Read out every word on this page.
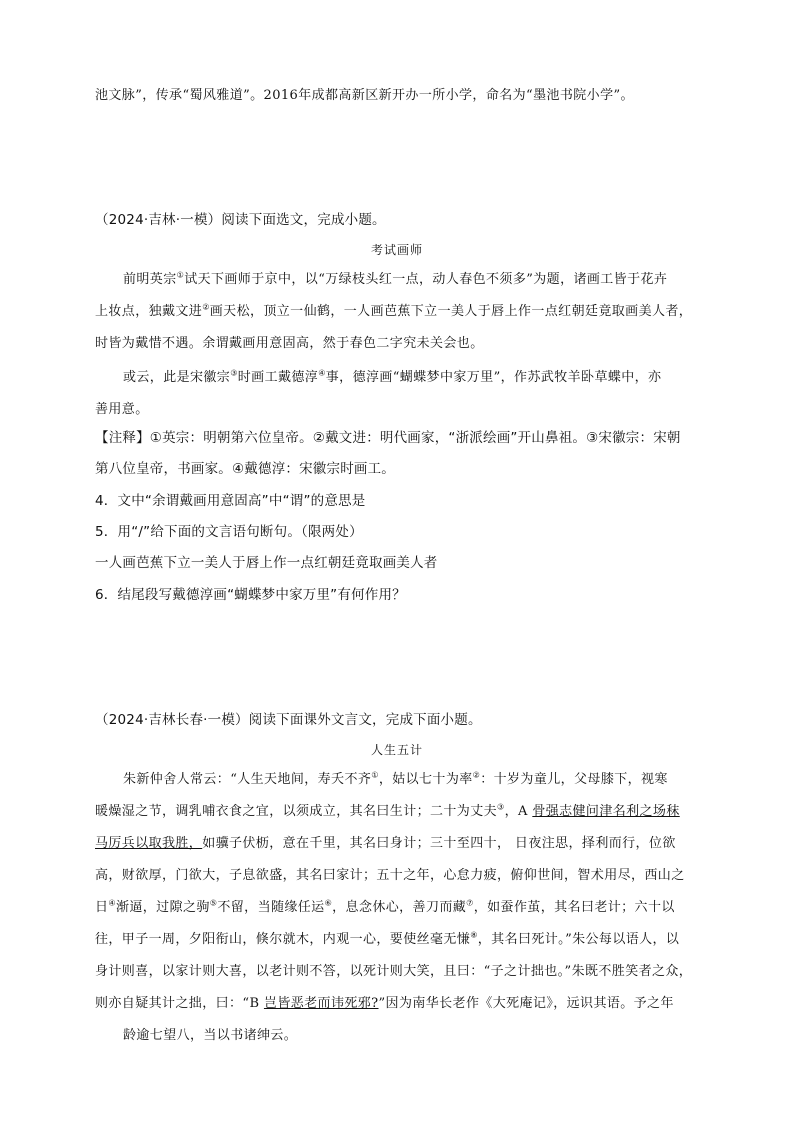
池文脉”，传承“蜀风雅道”。2016年成都高新区新开办一所小学，命名为“墨池书院小学”。
（2024·吉林·一模）阅读下面选文，完成小题。
考试画师
前明英宗①试天下画师于京中，以“万绿枝头红一点，动人春色不须多”为题，诸画工皆于花卉
上妆点，独戴文进②画天松，顶立一仙鹤，一人画芭蕉下立一美人于唇上作一点红朝廷竟取画美人者，
时皆为戴惜不遇。余谓戴画用意固高，然于春色二字究未关会也。
或云，此是宋徽宗③时画工戴德淳④事，德淳画“蝴蝶梦中家万里”，作苏武牧羊卧草蝶中，亦
善用意。
【注释】①英宗：明朝第六位皇帝。②戴文进：明代画家，“浙派绘画”开山鼻祖。③宋徽宗：宋朝
第八位皇帝，书画家。④戴德淳：宋徽宗时画工。
4．文中“余谓戴画用意固高”中“谓”的意思是
5．用“/”给下面的文言语句断句。（限两处）
一人画芭蕉下立一美人于唇上作一点红朝廷竟取画美人者
6．结尾段写戴德淳画“蝴蝶梦中家万里”有何作用？
（2024·吉林长春·一模）阅读下面课外文言文，完成下面小题。
人生五计
朱新仲舍人常云：“人生天地间，寿夭不齐①，姑以七十为率②：十岁为童儿，父母膝下，视寒
暖燥湿之节，调乳哺衣食之宜，以须成立，其名曰生计；二十为丈夫③，A 骨强志健问津名利之场秣
马厉兵以取我胜，如骥子伏枥，意在千里，其名曰身计；三十至四十， 日夜注思，择利而行，位欲
高，财欲厚，门欲大，子息欲盛，其名曰家计；五十之年，心怠力疲，俯仰世间，智术用尽，西山之
日④渐逼，过隙之驹⑤不留，当随缘任运⑥，息念休心，善刀而藏⑦，如蚕作茧，其名曰老计；六十以
往，甲子一周，夕阳衔山，倏尔就木，内观一心，要使丝毫无慊⑧，其名曰死计。”朱公每以语人，以
身计则喜，以家计则大喜，以老计则不答，以死计则大笑，且曰：“子之计拙也。”朱既不胜笑者之众，
则亦自疑其计之拙，曰：“B 岂皆恶老而讳死邪?”因为南华长老作《大死庵记》，远识其语。予之年
龄逾七望八，当以书诸绅云。
